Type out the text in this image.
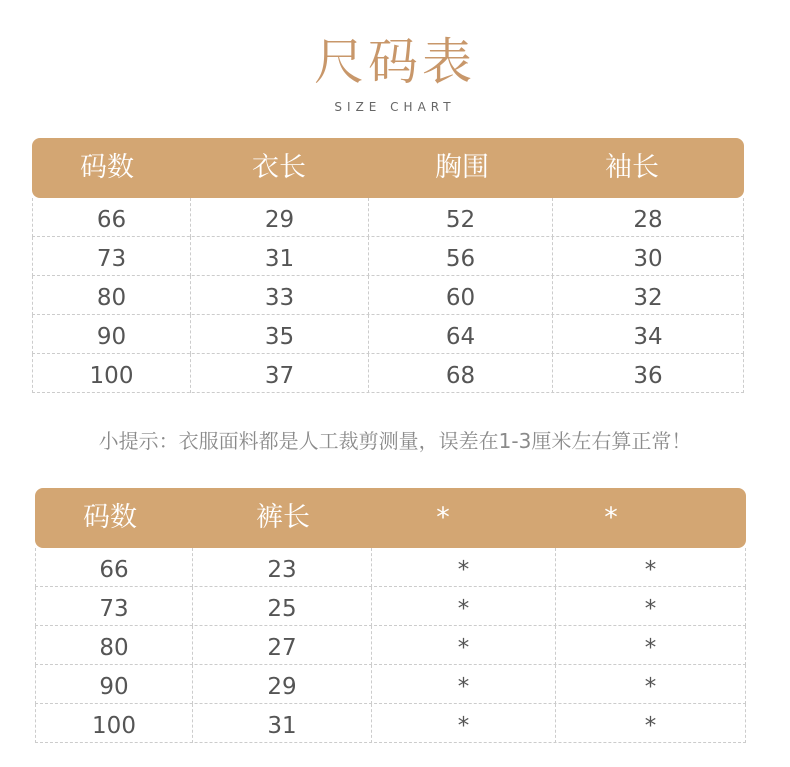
尺码表
SIZE CHART
码数	衣长	胸围	袖长
66	29	52	28
73	31	56	30
80	33	60	32
90	35	64	34
100	37	68	36
小提示：衣服面料都是人工裁剪测量，误差在1-3厘米左右算正常！
码数	裤长	*	*
66	23	*	*
73	25	*	*
80	27	*	*
90	29	*	*
100	31	*	*
